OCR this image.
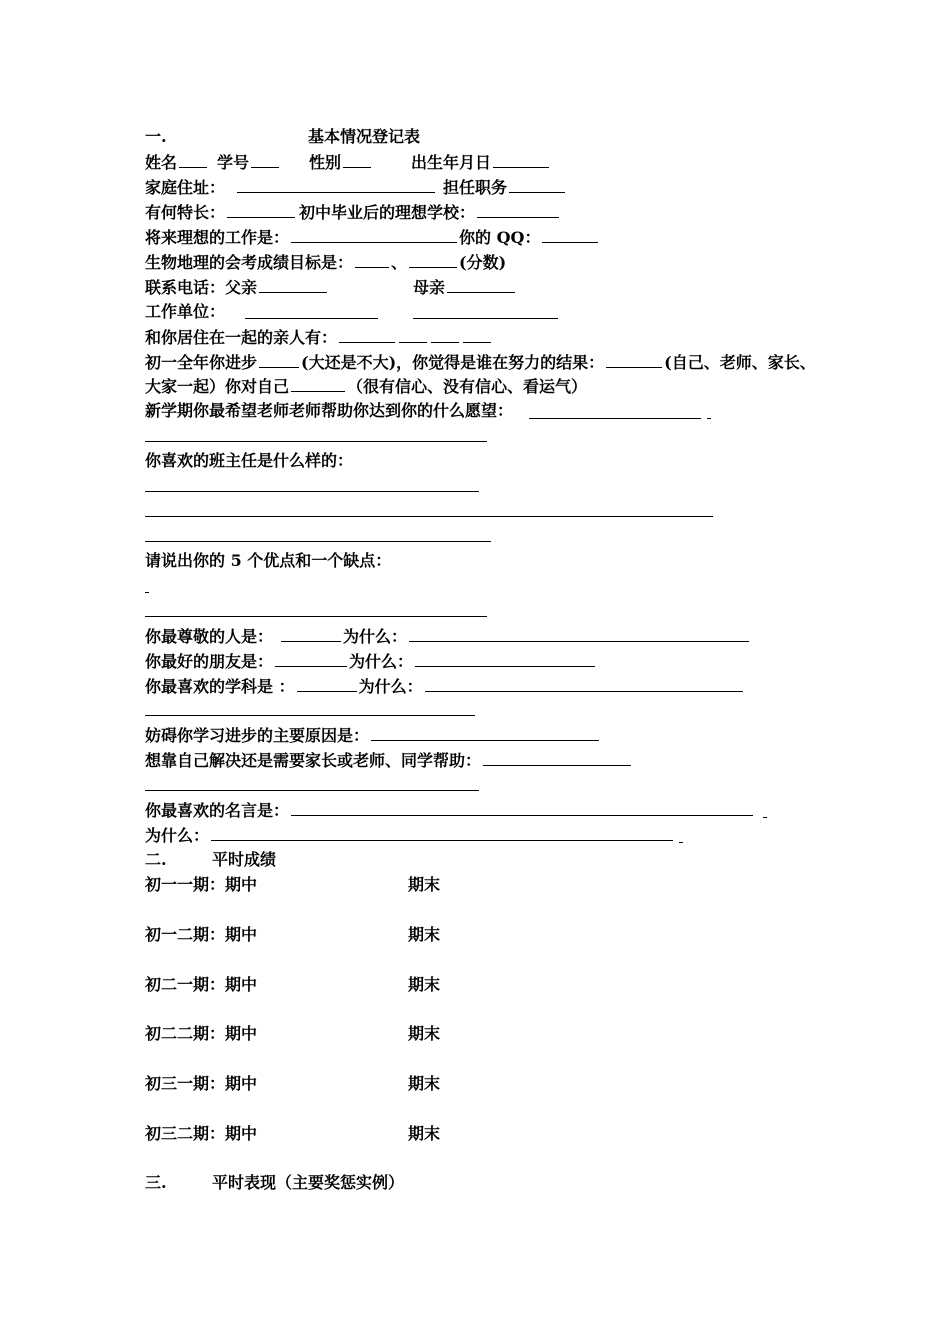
一.	基本情况登记表
姓名	学号	性别	出生年月日
家庭住址：	担任职务
有何特长：	初中毕业后的理想学校：
将来理想的工作是：	你的 QQ：
生物地理的会考成绩目标是： 、	(分数)
联系电话：父亲	母亲
工作单位：
和你居住在一起的亲人有：
初一全年你进步	(大还是不大)，你觉得是谁在努力的结果：	(自己、老师、家长、
大家一起）你对自己	（很有信心、没有信心、看运气）
新学期你最希望老师老师帮助你达到你的什么愿望：
你喜欢的班主任是什么样的：
请说出你的 5 个优点和一个缺点：
你最尊敬的人是：	为什么：
你最好的朋友是：	为什么：
你最喜欢的学科是 ：	为什么：
妨碍你学习进步的主要原因是：
想靠自己解决还是需要家长或老师、同学帮助：
你最喜欢的名言是：
为什么：
二.	平时成绩
初一一期：期中	期末
初一二期：期中	期末
初二一期：期中	期末
初二二期：期中	期末
初三一期：期中	期末
初三二期：期中	期末
三.	平时表现（主要奖惩实例）
